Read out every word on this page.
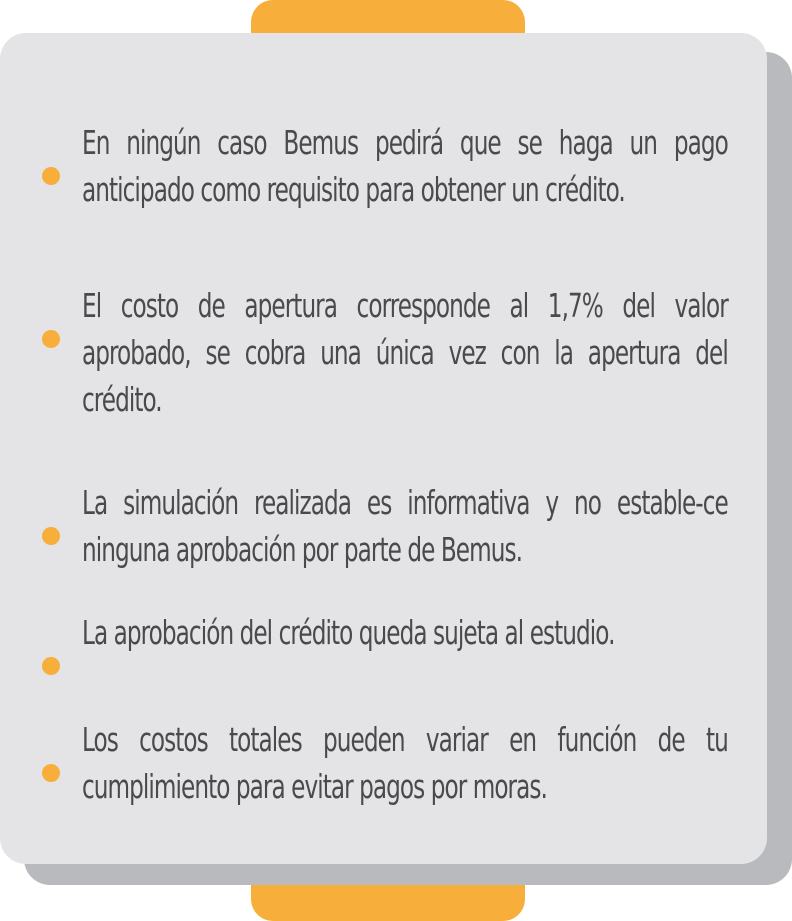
En ningún caso Bemus pedirá que se haga un pago anticipado como requisito para obtener un crédito.
El costo de apertura corresponde al 1,7% del valor aprobado, se cobra una única vez con la apertura del crédito.
La simulación realizada es informativa y no estable-ce ninguna aprobación por parte de Bemus.
La aprobación del crédito queda sujeta al estudio.
Los costos totales pueden variar en función de tu cumplimiento para evitar pagos por moras.
